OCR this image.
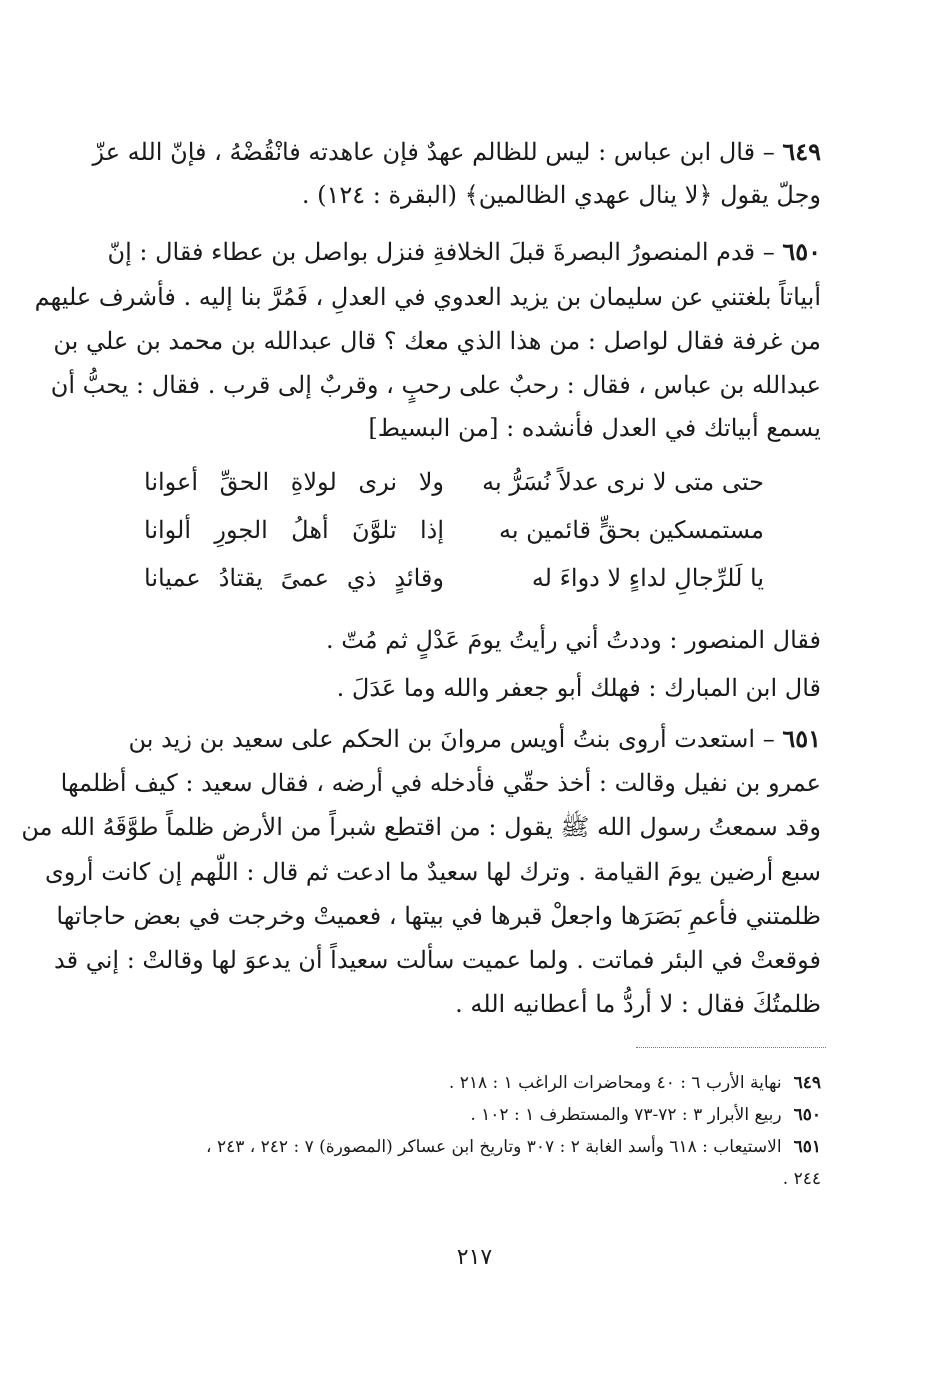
٦٤٩ – قال ابن عباس : ليس للظالم عهدٌ فإن عاهدته فانْقُضْهُ ، فإنّ الله عزّ
وجلّ يقول ﴿لا ينال عهدي الظالمين﴾ (البقرة : ١٢٤) .
٦٥٠ – قدم المنصورُ البصرةَ قبلَ الخلافةِ فنزل بواصل بن عطاء فقال : إنّ
أبياتاً بلغتني عن سليمان بن يزيد العدوي في العدلِ ، فَمُرَّ بنا إليه . فأشرف عليهم
من غرفة فقال لواصل : من هذا الذي معك ؟ قال عبدالله بن محمد بن علي بن
عبدالله بن عباس ، فقال : رحبٌ على رحبٍ ، وقربٌ إلى قرب . فقال : يحبُّ أن
يسمع أبياتك في العدل فأنشده : [من البسيط]
حتى متى لا نرى عدلاً نُسَرُّ به
ولا نرى لولاةِ الحقِّ أعوانا
مستمسكين بحقٍّ قائمين به
إذا تلوَّنَ أهلُ الجورِ ألوانا
يا لَلرِّجالِ لداءٍ لا دواءَ له
وقائدٍ ذي عمىً يقتادُ عميانا
فقال المنصور : وددتُ أني رأيتُ يومَ عَدْلٍ ثم مُتّ .
قال ابن المبارك : فهلك أبو جعفر والله وما عَدَلَ .
٦٥١ – استعدت أروى بنتُ أويس مروانَ بن الحكم على سعيد بن زيد بن
عمرو بن نفيل وقالت : أخذ حقّي فأدخله في أرضه ، فقال سعيد : كيف أظلمها
وقد سمعتُ رسول الله ﷺ يقول : من اقتطع شبراً من الأرض ظلماً طوَّقَهُ الله من
سبع أرضين يومَ القيامة . وترك لها سعيدٌ ما ادعت ثم قال : اللّهم إن كانت أروى
ظلمتني فأعمِ بَصَرَها واجعلْ قبرها في بيتها ، فعميتْ وخرجت في بعض حاجاتها
فوقعتْ في البئر فماتت . ولما عميت سألت سعيداً أن يدعوَ لها وقالتْ : إني قد
ظلمتُكَ فقال : لا أردُّ ما أعطانيه الله .
٦٤٩نهاية الأرب ٦ : ٤٠ ومحاضرات الراغب ١ : ٢١٨ .
٦٥٠ربيع الأبرار ٣ : ٧٢-٧٣ والمستطرف ١ : ١٠٢ .
٦٥١الاستيعاب : ٦١٨ وأسد الغابة ٢ : ٣٠٧ وتاريخ ابن عساكر (المصورة) ٧ : ٢٤٢ ، ٢٤٣ ،
٢٤٤ .
٢١٧
